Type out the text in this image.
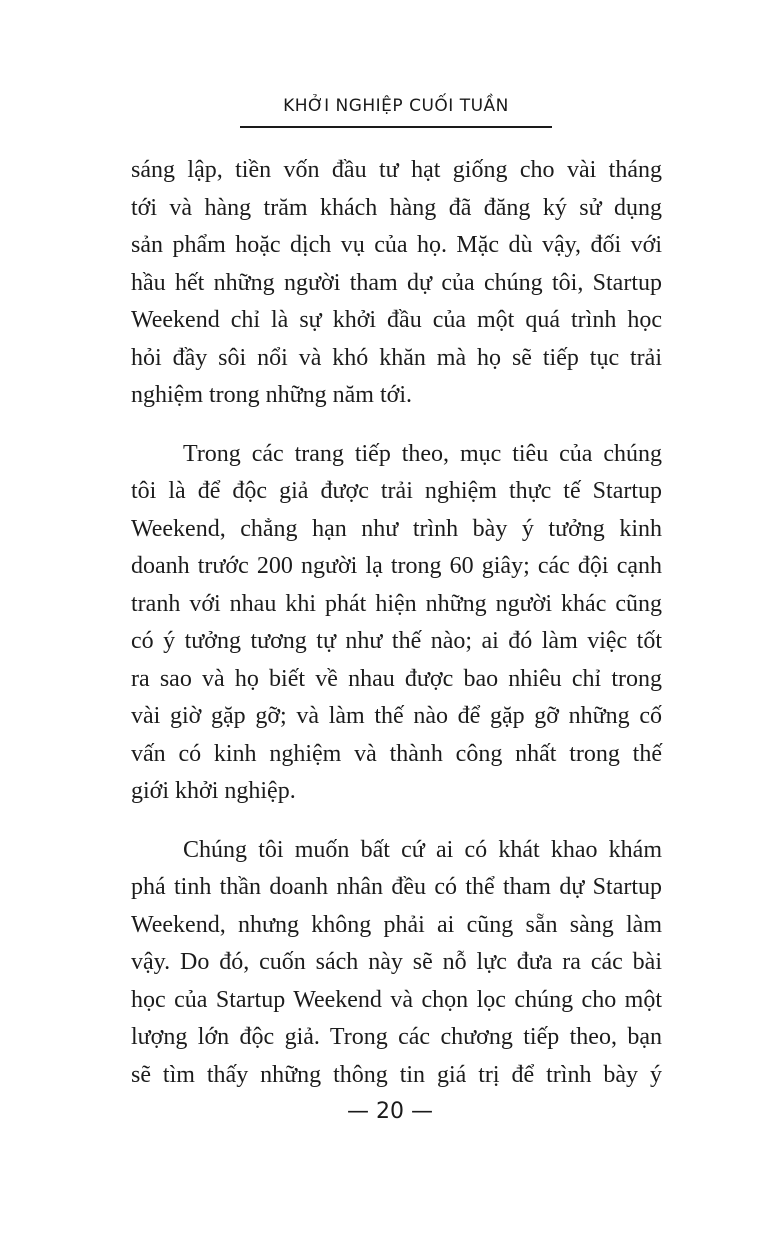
KHỞI NGHIỆP CUỐI TUẦN
sáng lập, tiền vốn đầu tư hạt giống cho vài tháng
tới và hàng trăm khách hàng đã đăng ký sử dụng
sản phẩm hoặc dịch vụ của họ. Mặc dù vậy, đối với
hầu hết những người tham dự của chúng tôi, Startup
Weekend chỉ là sự khởi đầu của một quá trình học
hỏi đầy sôi nổi và khó khăn mà họ sẽ tiếp tục trải
nghiệm trong những năm tới.
Trong các trang tiếp theo, mục tiêu của chúng
tôi là để độc giả được trải nghiệm thực tế Startup
Weekend, chẳng hạn như trình bày ý tưởng kinh
doanh trước 200 người lạ trong 60 giây; các đội cạnh
tranh với nhau khi phát hiện những người khác cũng
có ý tưởng tương tự như thế nào; ai đó làm việc tốt
ra sao và họ biết về nhau được bao nhiêu chỉ trong
vài giờ gặp gỡ; và làm thế nào để gặp gỡ những cố
vấn có kinh nghiệm và thành công nhất trong thế
giới khởi nghiệp.
Chúng tôi muốn bất cứ ai có khát khao khám
phá tinh thần doanh nhân đều có thể tham dự Startup
Weekend, nhưng không phải ai cũng sẵn sàng làm
vậy. Do đó, cuốn sách này sẽ nỗ lực đưa ra các bài
học của Startup Weekend và chọn lọc chúng cho một
lượng lớn độc giả. Trong các chương tiếp theo, bạn
sẽ tìm thấy những thông tin giá trị để trình bày ý
— 20 —
